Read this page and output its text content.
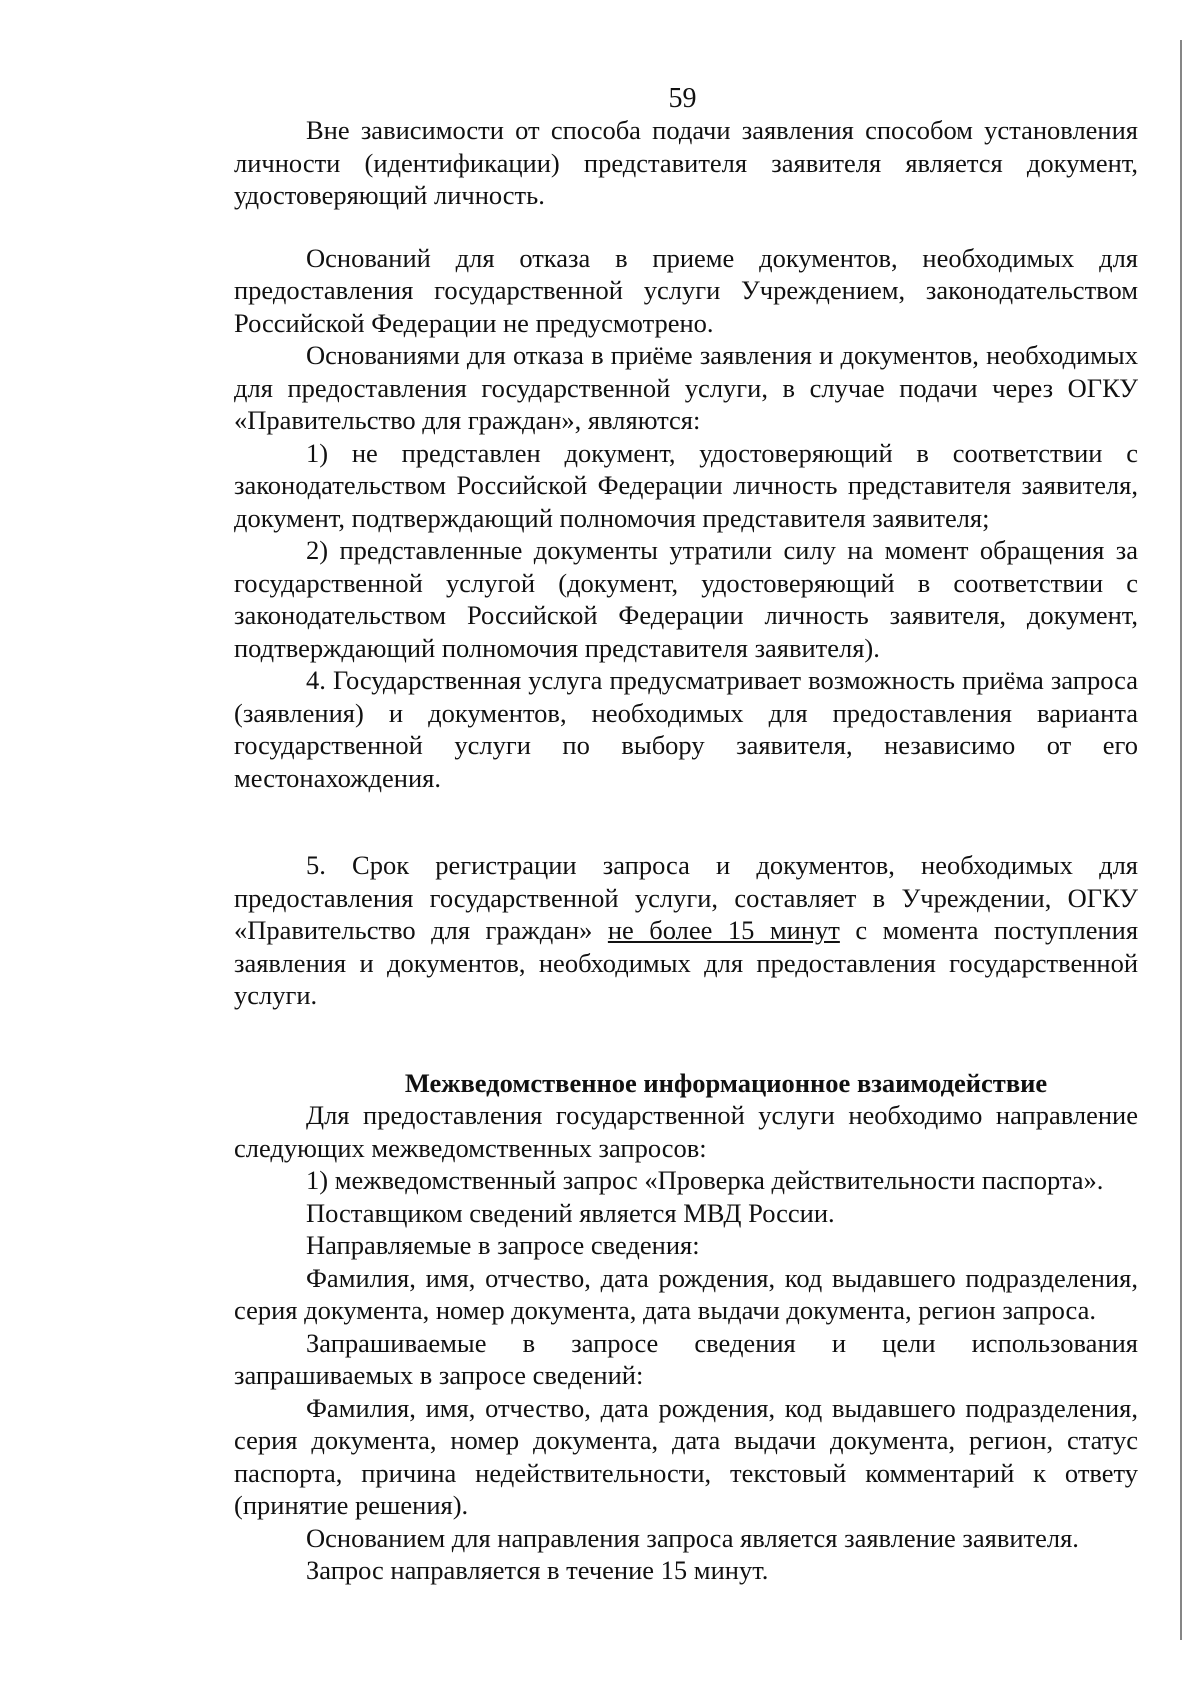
59

Вне зависимости от способа подачи заявления способом установления личности (идентификации) представителя заявителя является документ, удостоверяющий личность.

Оснований для отказа в приеме документов, необходимых для предоставления государственной услуги Учреждением, законодательством Российской Федерации не предусмотрено.

Основаниями для отказа в приёме заявления и документов, необходимых для предоставления государственной услуги, в случае подачи через ОГКУ «Правительство для граждан», являются:

1) не представлен документ, удостоверяющий в соответствии с законодательством Российской Федерации личность представителя заявителя, документ, подтверждающий полномочия представителя заявителя;

2) представленные документы утратили силу на момент обращения за государственной услугой (документ, удостоверяющий в соответствии с законодательством Российской Федерации личность заявителя, документ, подтверждающий полномочия представителя заявителя).

4. Государственная услуга предусматривает возможность приёма запроса (заявления) и документов, необходимых для предоставления варианта государственной услуги по выбору заявителя, независимо от его местонахождения.

5. Срок регистрации запроса и документов, необходимых для предоставления государственной услуги, составляет в Учреждении, ОГКУ «Правительство для граждан» не более 15 минут с момента поступления заявления и документов, необходимых для предоставления государственной услуги.

Межведомственное информационное взаимодействие

Для предоставления государственной услуги необходимо направление следующих межведомственных запросов:

1) межведомственный запрос «Проверка действительности паспорта».

Поставщиком сведений является МВД России.

Направляемые в запросе сведения:

Фамилия, имя, отчество, дата рождения, код выдавшего подразделения, серия документа, номер документа, дата выдачи документа, регион запроса.

Запрашиваемые в запросе сведения и цели использования запрашиваемых в запросе сведений:

Фамилия, имя, отчество, дата рождения, код выдавшего подразделения, серия документа, номер документа, дата выдачи документа, регион, статус паспорта, причина недействительности, текстовый комментарий к ответу (принятие решения).

Основанием для направления запроса является заявление заявителя.

Запрос направляется в течение 15 минут.
